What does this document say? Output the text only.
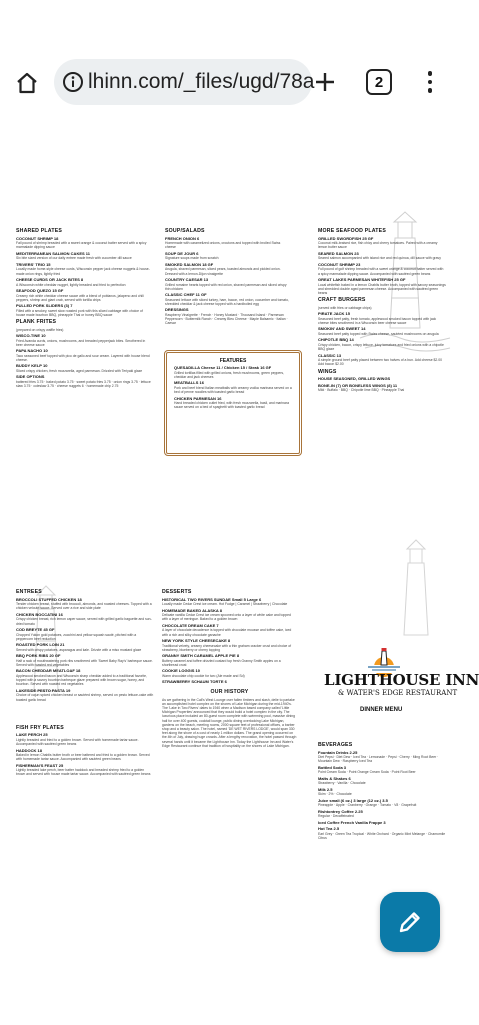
lhinn.com/_files/ugd/78a	2
SHARED PLATES
COCONUT SHRIMP 18
Fall pound of shrimp breaded with a sweet orange & coconut batter served with a spicy marmalade dipping sauce
MEDITERRANEAN SALMON CAKES 11
Six bite sized version of our daily entree made fresh with cucumber dill sauce
TRIVERS' TRIO 15
Locally made home-style cheese curds, Wisconsin pepper jack cheese nuggets & house-made onion rings, lightly fried
CHEESE CURDS OR JACK BITES 8
A Wisconsin white cheddar nugget, lightly breaded and fried to perfection
SEAFOOD QUEZO 15 GF
Creamy rich white cheddar cheese sauce with a blend of poblanos, jalapeno and chili peppers, shrimp and giant crab, served with tortilla chips
PULLED PORK SLIDERS (3) 7
Filled with a smokey, sweet slow roasted pork with this sliced cabbage with choice of house made bourbon BBQ, pineapple Thai or honey BBQ sauce
PLANK FRITES
(prepared on crispy waffle fries)
WISCO-TINE 10
Fried Avanda curds, onions, mushrooms, and breaded pepperjack bites. Smothered in beer cheese sauce
PAPA NACHO 10
Taco seasoned beef topped with pico de gallo and sour cream. Layered with house blend cheese.
BUDDY KELP 10
Sliced crispy chicken, fresh mozzarella, aged parmesan. Drizzled with Teriyaki glaze
SIDE OPTIONS
battered fries 3.75 · baked potato 3.75 · sweet potato fries 3.75 · onion rings 3.75 · lettuce slaw 3.75 · coleslaw 3.75 · cheese nuggets 6 · homemade chip 2.75
SOUP/SALADS
FRENCH ONION 6
Homemade with caramelized onions, croutons and topped with broiled Swiss cheese
SOUP DE JOUR 6
Signature soups made from scratch
SMOKED SALMON 18 GF
Arugula, shaved parmesan, sliced pears, toasted almonds and pickled onion. Dressed with a lemon-Dijon vinaigrette
COUNTRY CAESAR 13
Grilled romaine hearts topped with red onion, shaved parmesan and sliced crispy thin chicken
CLASSIC CHEF 11 GF
Seasoned lettuce with sliced turkey, ham, bacon, red onion, cucumber and tomato, shredded cheddar & jack cheese topped with a hardboiled egg
DRESSINGS
Raspberry Vinaigrette · French · Honey Mustard · Thousand Island · Parmesan Peppercorn · Buttermilk Ranch · Creamy Bleu Cheese · Maple Balsamic · Italian · Caesar
FEATURES
QUESADILLA Cheese 11 / Chicken 15 / Steak 16 GF
Grilled tortillas filled with grilled onions, fresh mushrooms, green peppers, cheddar and jack cheeses
MEATBALLS 16
Pork and beef blend Italian meatballs with creamy vodka marinara served on a bed of penne noodles with toasted garlic bread
CHICKEN PARMESAN 16
Hand breaded chicken cutlet fried, with fresh mozzarella, basil, and marinara sauce served on a bed of spaghetti with toasted garlic bread
MORE SEAFOOD PLATES
GRILLED SWORDFISH 25 GF
Coconut milk-braised rice, fish chicy and cherry tomatoes. Paired with a creamy lemon butter sauce
SEARED SALMON 23
Seared salmon accompanied with island rice and red quinoa, dill sauce with gravy
COCONUT SHRIMP 23
Full pound of golf shrimp breaded with a sweet orange & coconut batter served with a spicy marmalade dipping sauce. Accompanied with sautéed green beans
GREAT LAKES PARMESAN WHITEFISH 25 GF
Local whitefish baked in a lemon Chablis butter broth, topped with savory seasonings and shredded double aged parmesan cheese. Accompanied with sautéed green beans
CRAFT BURGERS
(served with fries or cabbage chips)
PIRATE JACK 15
Seasoned beef patty, fresh tomato, applewood smoked bacon topped with jack cheese bites smothered in a Wisconsin beer cheese sauce
SMOKIN' AND SWEET 14
Seasoned beef patty topped with Swiss cheese, sautéed mushrooms on arugula
CHIPOTLE BBQ 14
Crispy chicken, bacon, crispy lettuce, juicy tomatoes and fried onions with a chipotle BBQ glaze
CLASSIC 13
A simple ground beef patty placed between two halves of a bun. Add cheese $2.00 Add bacon $2.00
WINGS
HOUSE SEASONED, GRILLED WINGS
BONE-IN (7) OR BONELESS WINGS (8) 11
Mild · Buffalo · BBQ · Chipotle lime BBQ · Pineapple Thai
ENTREES
BROCCOLI STUFFED CHICKEN 18
Tender chicken breast, stuffed with broccoli, almonds, and roasted cheeses. Topped with a chicken velouté sauce. Served over a rice and side plate
CHICKEN BOCCATINI 16
Crispy chicken breast, rich lemon caper sauce, served with grilled garlic baguette and sun-dried tomato
COD BREYTE 45 GF
Chopped Yukon gold potatoes, zucchini and yellow squash sauté, pitched with a peppercorn beef reduction
ROASTED PORK LOIN 21
Served with crispy potatoes, asparagus and kale. Drizzle with a miso mustard glaze
BBQ PORK RIBS 20 GF
Half a rack of mouthwatering pork ribs smothered with 'Sweet Baby Ray's' barbeque sauce. Served with roasted red vegetables
BACON CHEDDAR MEATLOAF 18
Applewood smoked bacon and Wisconsin sharp cheddar added to a traditional favorite, topped with a savory bourbon barbeque glaze prepared with brown sugar, honey, and bourbon. Served with roasted red vegetables
LAKESIDE PESTO PASTA 19
Choice of cajun spiced chicken breast or sautéed shrimp, served on pesto lettuce-cake with toasted garlic bread
FISH FRY PLATES
LAKE PERCH 25
Lightly breaded and fried to a golden brown. Served with homemade tartar sauce. Accompanied with sautéed green beans
HADDOCK 18
Baked in lemon Chablis butter broth or beer battered and fried to a golden brown. Served with homemade tartar sauce. Accompanied with sautéed green beans
FISHERMAN'S FEAST 25
Lightly breaded lake perch, beer batter haddock and breaded shrimp fried to a golden brown and served with house made tartar sauce. Accompanied with sautéed green beans
DESSERTS
HISTORICAL TWO RIVERS SUNDAE Small 5 Large 6
Locally made Cedar Crest ice cream. Hot Fudge | Caramel | Strawberry | Chocolate
HOMEMADE BAKED ALASKA 8
Delicate vanilla Cedar Crest ice cream spooned onto a layer of white cake and topped with a layer of meringue. Baked to a golden brown
CHOCOLATE DREAM CAKE 7
A layer of chocolate decadence is topped with chocolate mousse and toffee cake, iced with a rich and silky chocolate ganache
NEW YORK STYLE CHEESECAKE 8
Traditional velvety, creamy cheesecake with a thin graham cracker crust and choice of strawberry, blueberry or cherry topping
GRANNY SMITH CARAMEL APPLE PIE 8
Buttery caramel and toffee drizzled custard top fresh Granny Smith apples on a shortbread crust
COOKIE LOGGIS 10
Warm chocolate chip cookie for two (Ale made and Sd)
STRAWBERRY SCHAUM TORTE 6
OUR HISTORY
As we gathering in the Call's West Lounge over fallen timbers and slash, delie to partake an accomplished hotel complex on the shores of Lake Michigan during the mid-1940's. The 'Lake in Two Rivers' dates to 1940 when a Madison based company called 'Little Michigan Properties' announced that they would build a hotel complex in the city. The luxurious place included an 80-guest room complete with swimming pool, massive dining hall for over 400 guests, cocktail lounge, public dining overlooking Lake Michigan, gardens on the beach, meeting rooms, 2000 square feet of professional offices, a barber shop and a beauty salon. The hotel, named 'DE WET RIVERS LODGE', would span 330 feet along the shore of a cost of nearly 1 million dollars. The grand opening occurred on the 4th of July, drawing huge crowds. After a lengthy renovation, the hotel passed through several hands until it became the Lighthouse Inn. Today the Lighthouse Inn and Water's Edge Restaurant continue that tradition of hospitality on the shores of Lake Michigan.
LIGHTHOUSE INN
& WATER'S EDGE RESTAURANT
DINNER MENU
BEVERAGES
Fountain Drinks 2.25
Diet Pepsi · Diet Dew · Iced Tea · Lemonade · Pepsi · Cherry · Ming Root Beer · Mountain Dew · Raspberry Iced Tea
Bottled Soda 3
Point Cream Soda · Point Orange Cream Soda · Point Root Beer
Malts & Shakes 6
Strawberry · Vanilla · Chocolate
Milk 2.5
Skim · 2% · Chocolate
Juice small (6 oz.) 3 large (12 oz.) 3.5
Pineapple · Apple · Cranberry · Orange · Tomato · V8 · Grapefruit
Rishtontrey Coffee 2.25
Regular · Decaffeinated
Iced Coffee French Vanilla Frappe 3
Hot Tea 2.5
Earl Grey · Green Tea Tropical · White Orchard · Organic Mint Melange · Chamomile Citrus
